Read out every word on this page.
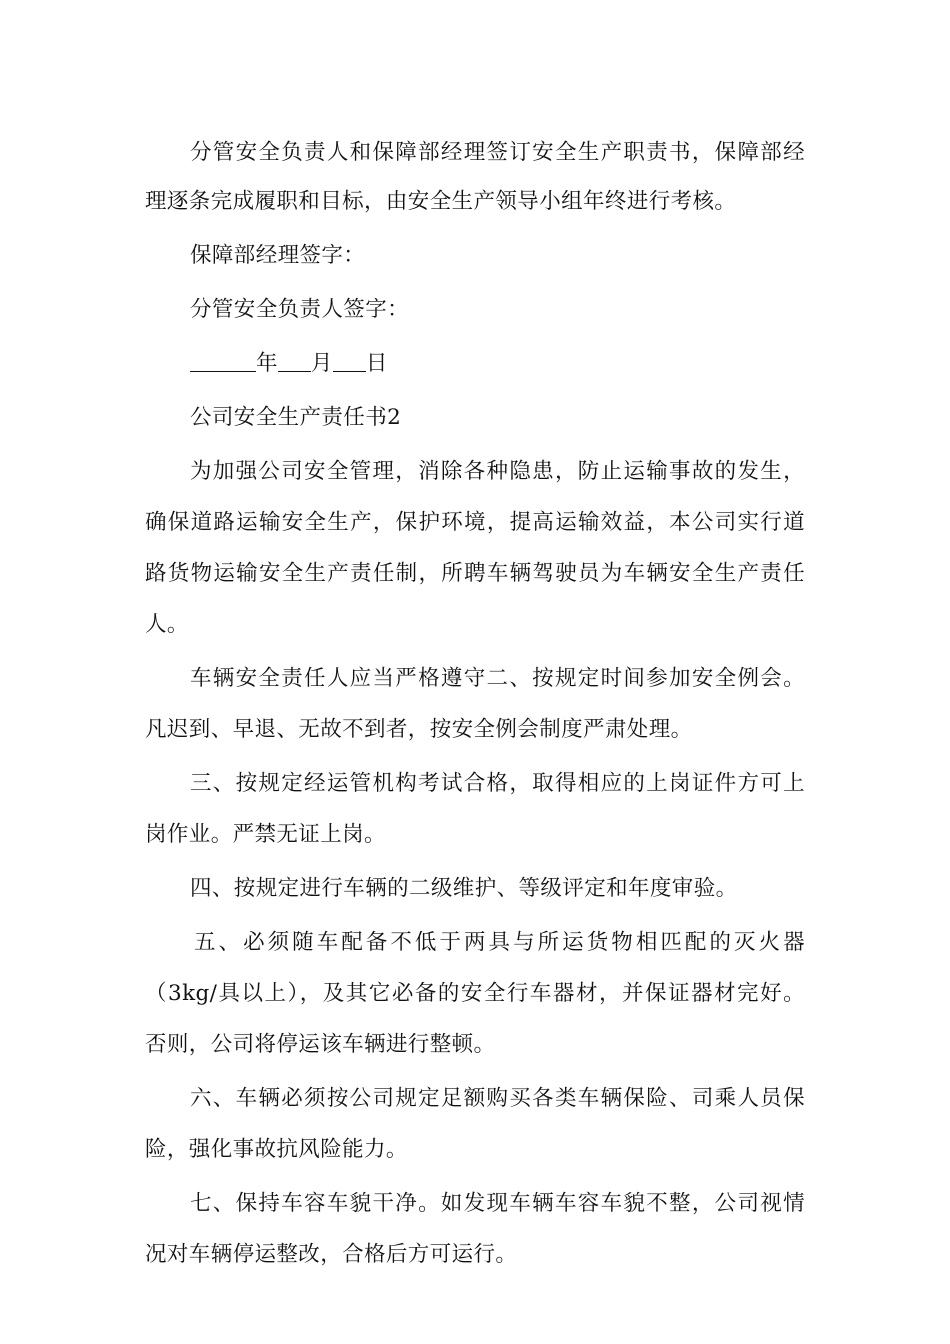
分管安全负责人和保障部经理签订安全生产职责书，保障部经
理逐条完成履职和目标，由安全生产领导小组年终进行考核。
保障部经理签字：
分管安全负责人签字：
年 月 日
公司安全生产责任书2
为加强公司安全管理，消除各种隐患，防止运输事故的发生，
确保道路运输安全生产，保护环境，提高运输效益，本公司实行道
路货物运输安全生产责任制，所聘车辆驾驶员为车辆安全生产责任
人。
车辆安全责任人应当严格遵守二、按规定时间参加安全例会。
凡迟到、早退、无故不到者，按安全例会制度严肃处理。
三、按规定经运管机构考试合格，取得相应的上岗证件方可上
岗作业。严禁无证上岗。
四、按规定进行车辆的二级维护、等级评定和年度审验。
五、必须随车配备不低于两具与所运货物相匹配的灭火器
（3kg/具以上），及其它必备的安全行车器材，并保证器材完好。
否则，公司将停运该车辆进行整顿。
六、车辆必须按公司规定足额购买各类车辆保险、司乘人员保
险，强化事故抗风险能力。
七、保持车容车貌干净。如发现车辆车容车貌不整，公司视情
况对车辆停运整改，合格后方可运行。
